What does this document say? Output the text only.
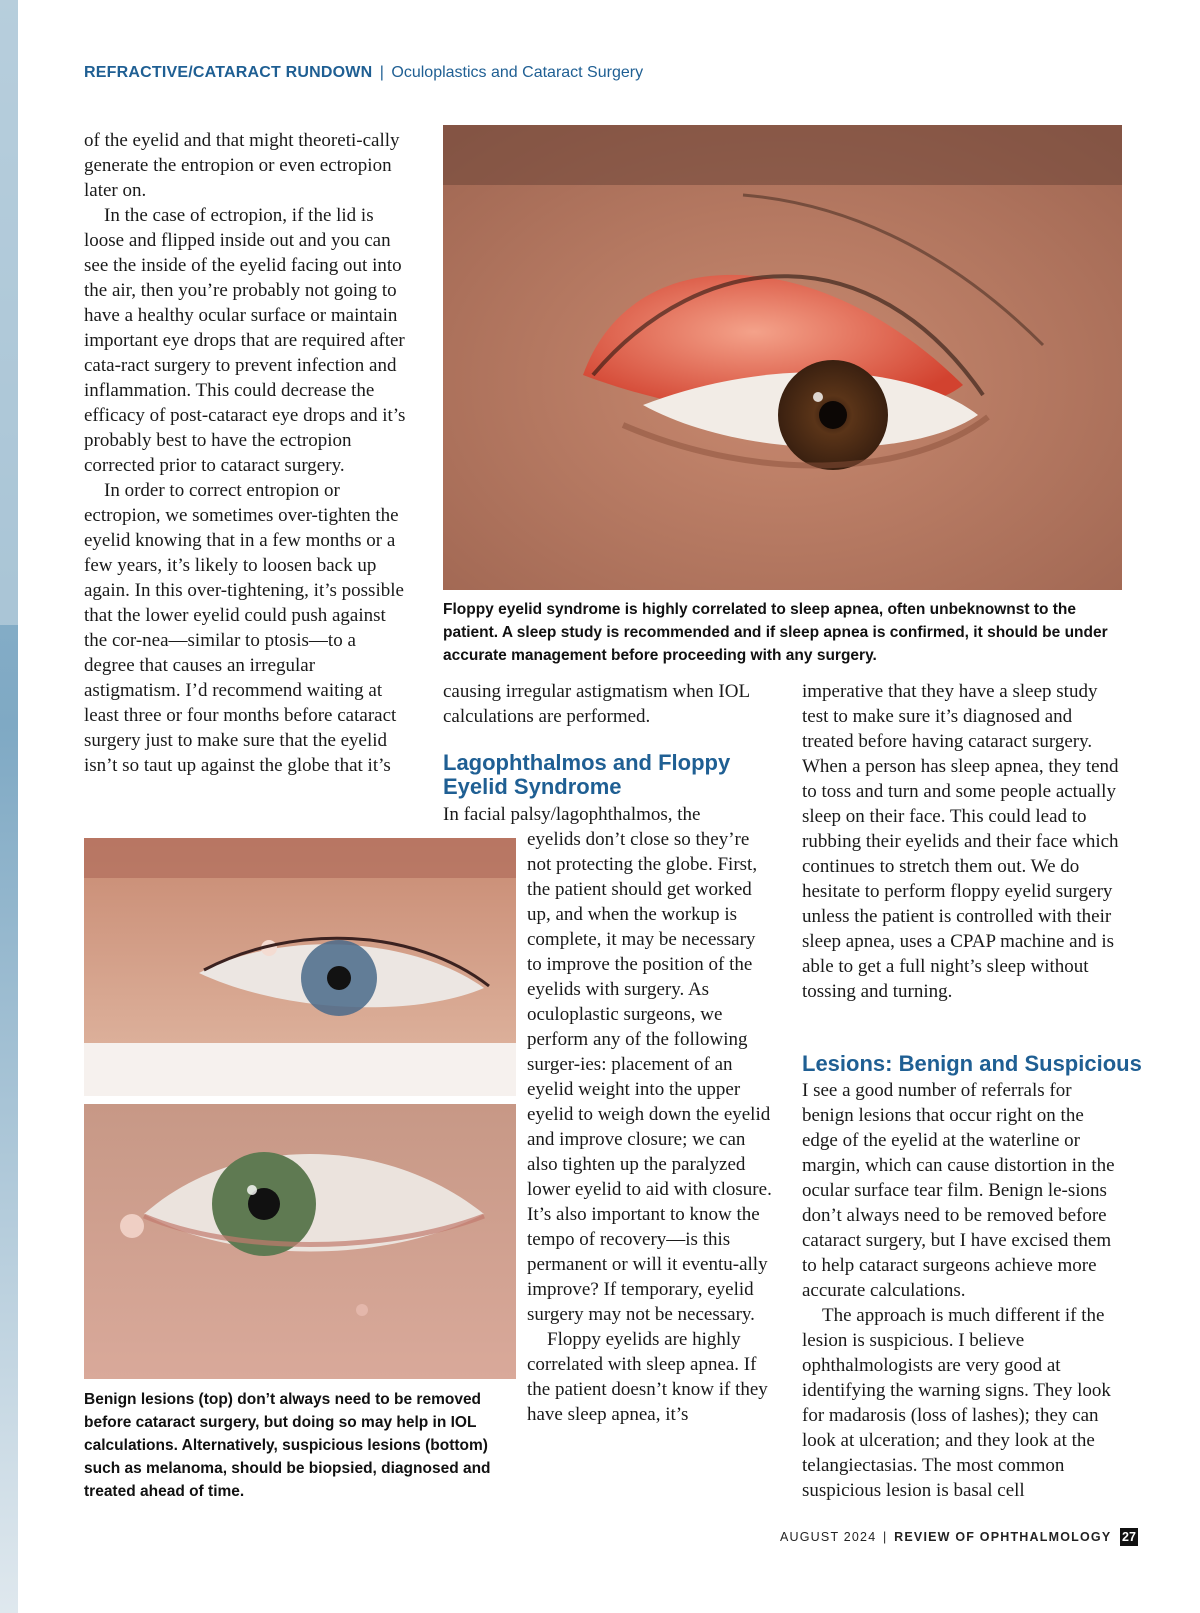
REFRACTIVE/CATARACT RUNDOWN | Oculoplastics and Cataract Surgery

of the eyelid and that might theoreti-cally generate the entropion or even ectropion later on.

In the case of ectropion, if the lid is loose and flipped inside out and you can see the inside of the eyelid facing out into the air, then you’re probably not going to have a healthy ocular surface or maintain important eye drops that are required after cata-ract surgery to prevent infection and inflammation. This could decrease the efficacy of post-cataract eye drops and it’s probably best to have the ectropion corrected prior to cataract surgery.

In order to correct entropion or ectropion, we sometimes over-tighten the eyelid knowing that in a few months or a few years, it’s likely to loosen back up again. In this over-tightening, it’s possible that the lower eyelid could push against the cor-nea—similar to ptosis—to a degree that causes an irregular astigmatism. I’d recommend waiting at least three or four months before cataract surgery just to make sure that the eyelid isn’t so taut up against the globe that it’s

Floppy eyelid syndrome is highly correlated to sleep apnea, often unbeknownst to the patient. A sleep study is recommended and if sleep apnea is confirmed, it should be under accurate management before proceeding with any surgery.
causing irregular astigmatism when IOL calculations are performed.
Lagophthalmos and Floppy Eyelid Syndrome
In facial palsy/lagophthalmos, the

eyelids don’t close so they’re not protecting the globe. First, the patient should get worked up, and when the workup is complete, it may be necessary to improve the position of the eyelids with surgery. As oculoplastic surgeons, we perform any of the following surger-ies: placement of an eyelid weight into the upper eyelid to weigh down the eyelid and improve closure; we can also tighten up the paralyzed lower eyelid to aid with closure. It’s also important to know the tempo of recovery—is this permanent or will it eventu-ally improve? If temporary, eyelid surgery may not be necessary.

Floppy eyelids are highly correlated with sleep apnea. If the patient doesn’t know if they have sleep apnea, it’s

Benign lesions (top) don’t always need to be removed before cataract surgery, but doing so may help in IOL calculations. Alternatively, suspicious lesions (bottom) such as melanoma, should be biopsied, diagnosed and treated ahead of time.
imperative that they have a sleep study test to make sure it’s diagnosed and treated before having cataract surgery. When a person has sleep apnea, they tend to toss and turn and some people actually sleep on their face. This could lead to rubbing their eyelids and their face which continues to stretch them out. We do hesitate to perform floppy eyelid surgery unless the patient is controlled with their sleep apnea, uses a CPAP machine and is able to get a full night’s sleep without tossing and turning.
Lesions: Benign and Suspicious

I see a good number of referrals for benign lesions that occur right on the edge of the eyelid at the waterline or margin, which can cause distortion in the ocular surface tear film. Benign le-sions don’t always need to be removed before cataract surgery, but I have excised them to help cataract surgeons achieve more accurate calculations.

The approach is much different if the lesion is suspicious. I believe ophthalmologists are very good at identifying the warning signs. They look for madarosis (loss of lashes); they can look at ulceration; and they look at the telangiectasias. The most common suspicious lesion is basal cell

AUGUST 2024 | REVIEW OF OPHTHALMOLOGY 27
